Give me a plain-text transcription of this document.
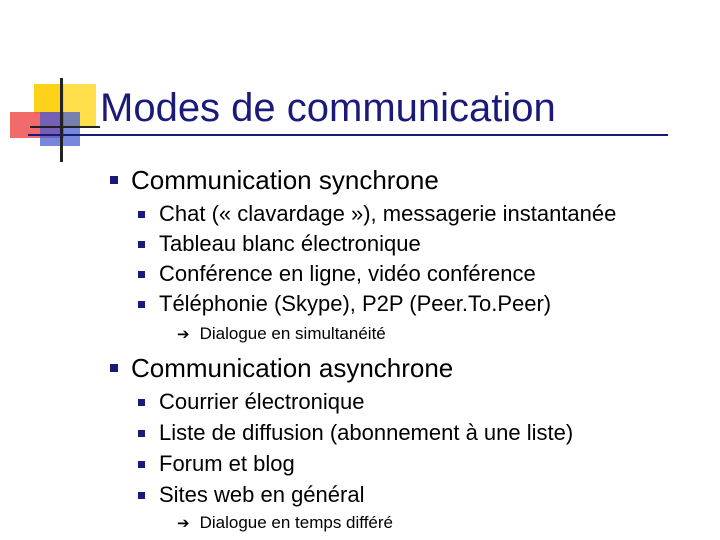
Modes de communication
Communication synchrone
Chat (« clavardage »), messagerie instantanée
Tableau blanc électronique
Conférence en ligne, vidéo conférence
Téléphonie (Skype), P2P (Peer.To.Peer)
➔ Dialogue en simultanéité
Communication asynchrone
Courrier électronique
Liste de diffusion (abonnement à une liste)
Forum et blog
Sites web en général
➔ Dialogue en temps différé
